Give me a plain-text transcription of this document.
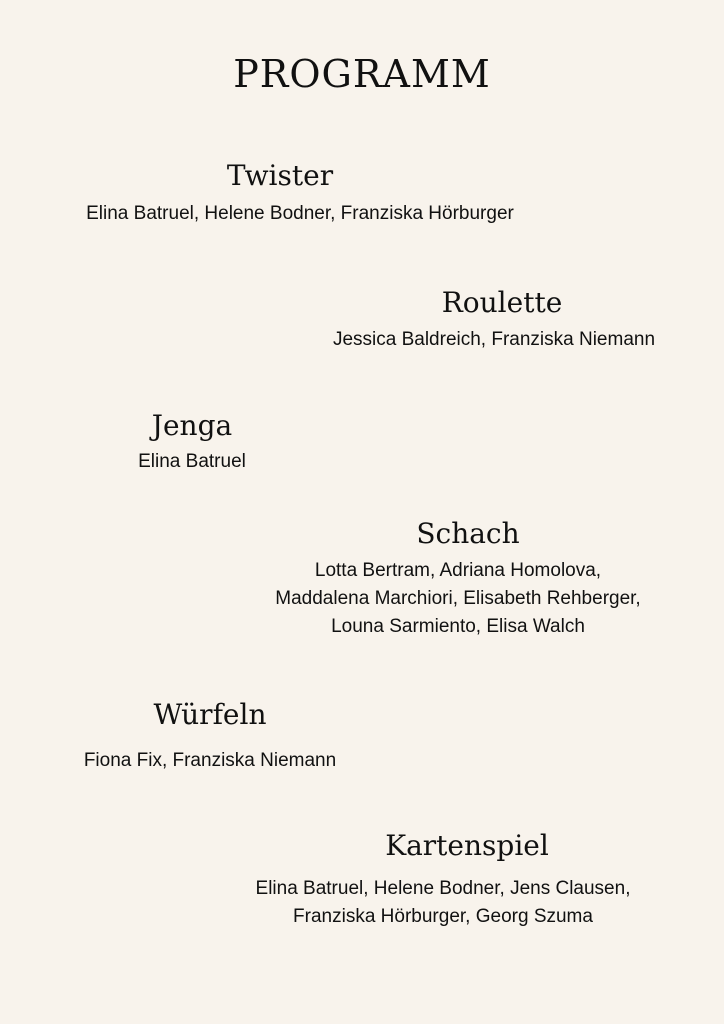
PROGRAMM
Twister
Elina Batruel, Helene Bodner, Franziska Hörburger
Roulette
Jessica Baldreich, Franziska Niemann
Jenga
Elina Batruel
Schach
Lotta Bertram, Adriana Homolova,
Maddalena Marchiori, Elisabeth Rehberger,
Louna Sarmiento, Elisa Walch
Würfeln
Fiona Fix, Franziska Niemann
Kartenspiel
Elina Batruel, Helene Bodner, Jens Clausen,
Franziska Hörburger, Georg Szuma
